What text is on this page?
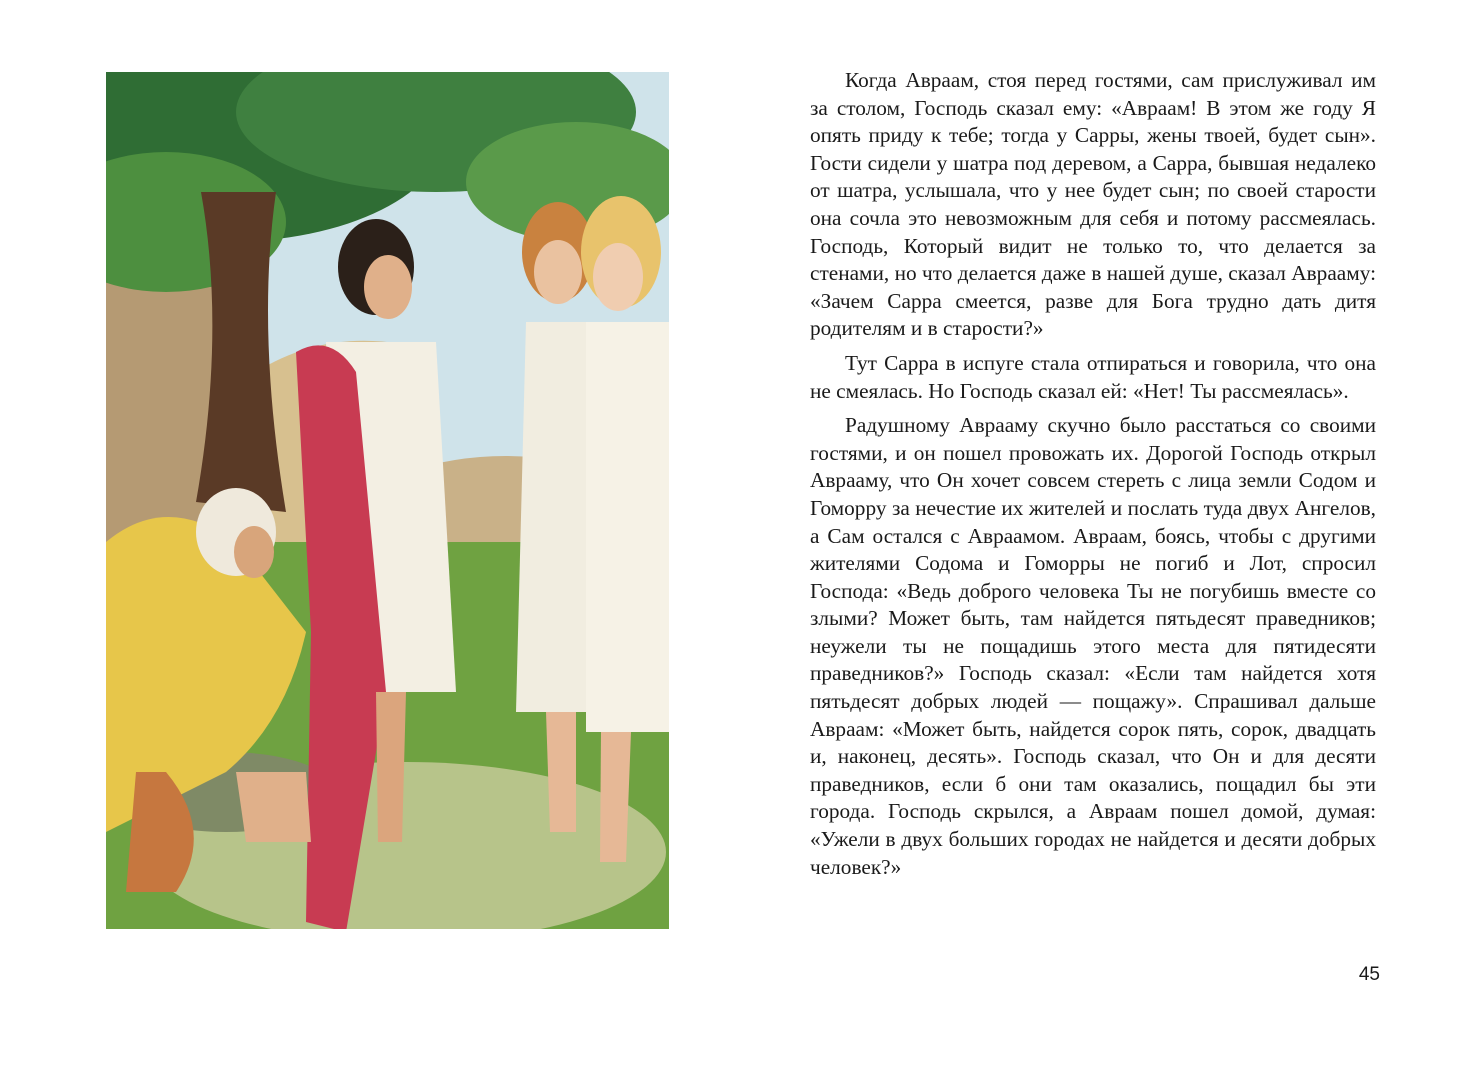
Когда Авраам, стоя перед гостями, сам прислуживал им за столом, Господь сказал ему: «Авраам! В этом же году Я опять приду к тебе; тогда у Сарры, жены твоей, будет сын». Гости сидели у шатра под деревом, а Сарра, бывшая недалеко от шатра, услышала, что у нее будет сын; по своей старости она сочла это невозможным для себя и потому рассмеялась. Господь, Который видит не только то, что делается за стенами, но что делается даже в нашей душе, сказал Аврааму: «Зачем Сарра смеется, разве для Бога трудно дать дитя родителям и в старости?»

Тут Сарра в испуге стала отпираться и говорила, что она не смеялась. Но Господь сказал ей: «Нет! Ты рассмеялась».

Радушному Аврааму скучно было расстаться со своими гостями, и он пошел провожать их. Дорогой Господь открыл Аврааму, что Он хочет совсем стереть с лица земли Содом и Гоморру за нечестие их жителей и послать туда двух Ангелов, а Сам остался с Авраамом. Авраам, боясь, чтобы с другими жителями Содома и Гоморры не погиб и Лот, спросил Господа: «Ведь доброго человека Ты не погубишь вместе со злыми? Может быть, там найдется пятьдесят праведников; неужели ты не пощадишь этого места для пятидесяти праведников?» Господь сказал: «Если там найдется хотя пятьдесят добрых людей — пощажу». Спрашивал дальше Авраам: «Может быть, найдется сорок пять, сорок, двадцать и, наконец, десять». Господь сказал, что Он и для десяти праведников, если б они там оказались, пощадил бы эти города. Господь скрылся, а Авраам пошел домой, думая: «Ужели в двух больших городах не найдется и десяти добрых человек?»

45
